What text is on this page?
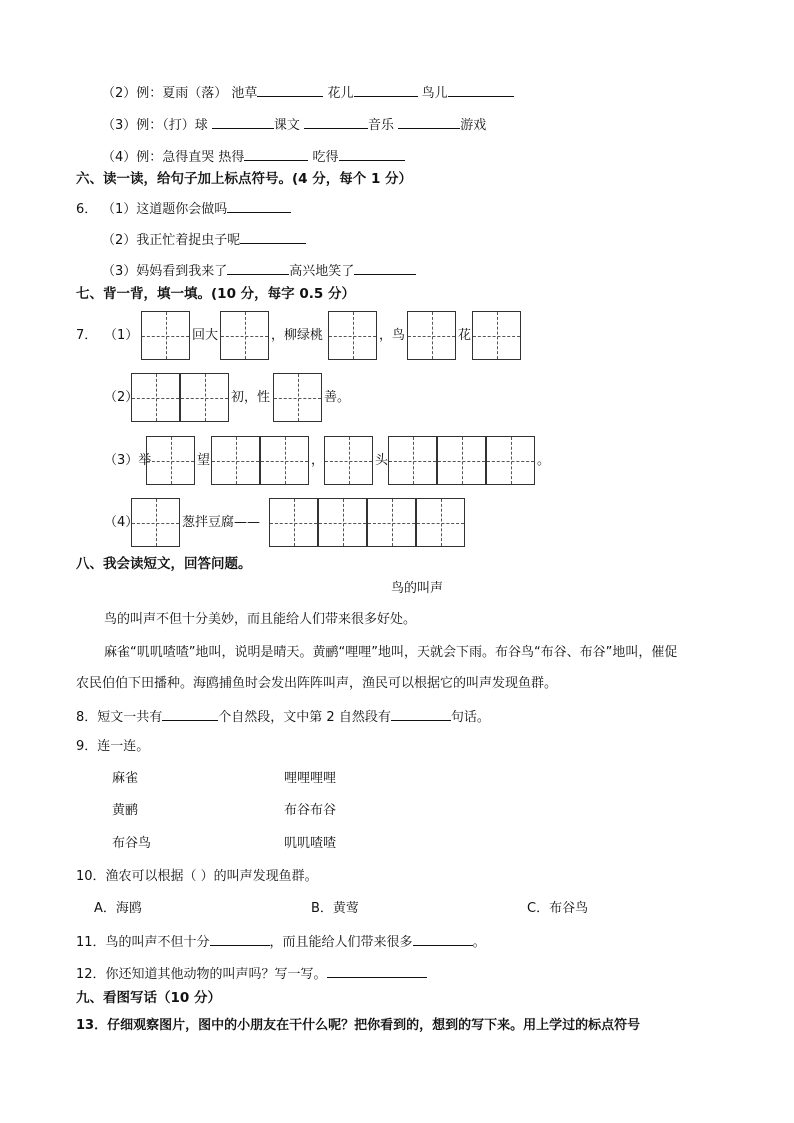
（2）例：夏雨（落） 池草	花儿	鸟儿
（3）例：（打）球	课文	音乐	游戏
（4）例：急得直哭 热得	吃得
六、读一读，给句子加上标点符号。(4 分，每个 1 分）
6． （1）这道题你会做吗
（2）我正忙着捉虫子呢
（3）妈妈看到我来了	高兴地笑了
七、背一背，填一填。(10 分，每字 0.5 分）
7． （1）	回大	，柳绿桃	，鸟	花
（2）	初，性	善。
（3）举	望	，	头	。
（4）	葱拌豆腐——
八、我会读短文，回答问题。
鸟的叫声
鸟的叫声不但十分美妙，而且能给人们带来很多好处。
麻雀“叽叽喳喳”地叫，说明是晴天。黄鹂“哩哩”地叫，天就会下雨。布谷鸟“布谷、布谷”地叫，催促
农民伯伯下田播种。海鸥捕鱼时会发出阵阵叫声，渔民可以根据它的叫声发现鱼群。
8．短文一共有	个自然段，文中第 2 自然段有	句话。
9．连一连。
麻雀	哩哩哩哩
黄鹂	布谷布谷
布谷鸟	叽叽喳喳
10．渔农可以根据（ ）的叫声发现鱼群。
A．海鸥	B．黄莺	C．布谷鸟
11．鸟的叫声不但十分	，而且能给人们带来很多	。
12．你还知道其他动物的叫声吗？写一写。
九、看图写话（10 分）
13．仔细观察图片，图中的小朋友在干什么呢？把你看到的，想到的写下来。用上学过的标点符号
